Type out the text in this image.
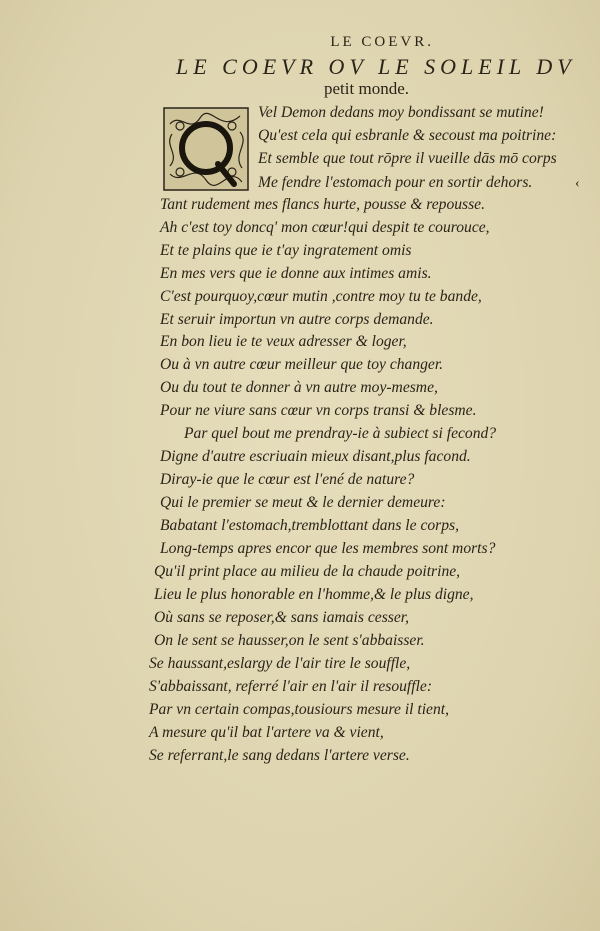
LE COEVR.
LE COEVR OV LE SOLEIL DV
petit monde.
Vel Demon dedans moy bondissant se mutine!
Qu'est cela qui esbranle & secoust ma poitrine:
Et semble que tout rōpre il vueille dās mō corps
Me fendre l'estomach pour en sortir dehors.
Tant rudement mes flancs hurte, pousse & repousse.
Ah c'est toy doncq' mon cœur!qui despit te courouce,
Et te plains que ie t'ay ingratement omis
En mes vers que ie donne aux intimes amis.
C'est pourquoy,cœur mutin ,contre moy tu te bande,
Et seruir importun vn autre corps demande.
En bon lieu ie te veux adresser & loger,
Ou à vn autre cœur meilleur que toy changer.
Ou du tout te donner à vn autre moy-mesme,
Pour ne viure sans cœur vn corps transi & blesme.
Par quel bout me prendray-ie à subiect si fecond?
Digne d'autre escriuain mieux disant,plus facond.
Diray-ie que le cœur est l'ené de nature?
Qui le premier se meut & le dernier demeure:
Babatant l'estomach,tremblottant dans le corps,
Long-temps apres encor que les membres sont morts?
Qu'il print place au milieu de la chaude poitrine,
Lieu le plus honorable en l'homme,& le plus digne,
Où sans se reposer,& sans iamais cesser,
On le sent se hausser,on le sent s'abbaisser.
Se haussant,eslargy de l'air tire le souffle,
S'abbaissant, referré l'air en l'air il resouffle:
Par vn certain compas,tousiours mesure il tient,
A mesure qu'il bat l'artere va & vient,
Se referrant,le sang dedans l'artere verse.
‹
